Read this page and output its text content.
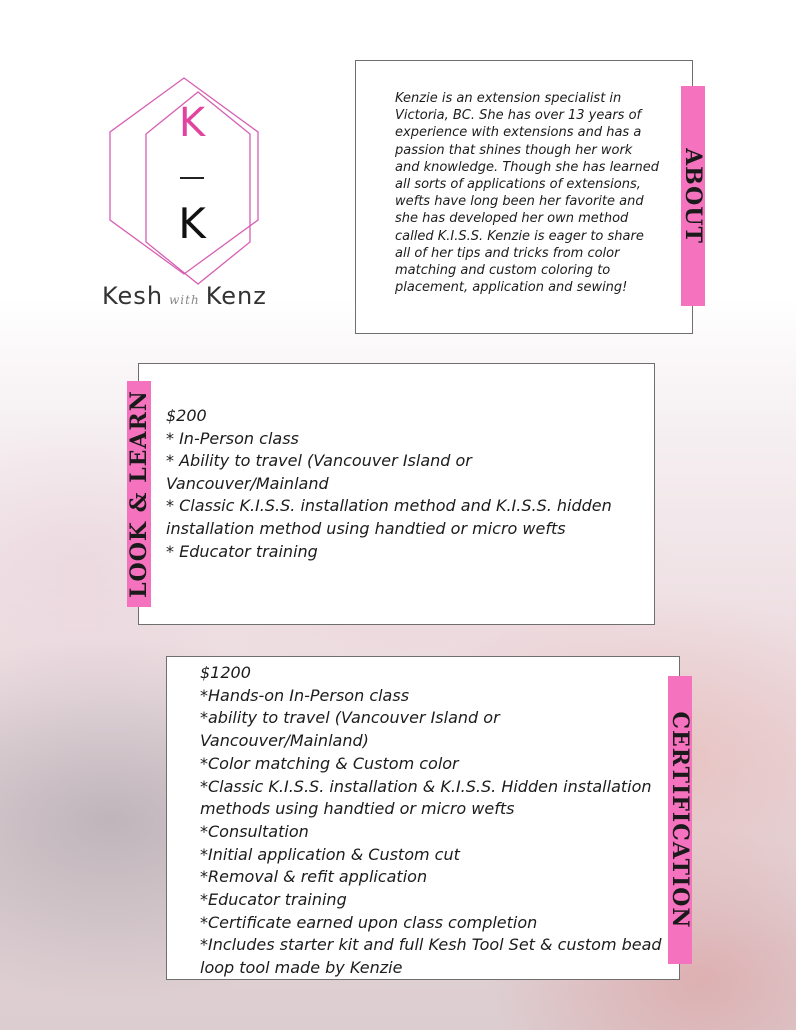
K
K
Kesh with Kenz
Kenzie is an extension specialist in
Victoria, BC. She has over 13 years of
experience with extensions and has a
passion that shines though her work
and knowledge. Though she has learned
all sorts of applications of extensions,
wefts have long been her favorite and
she has developed her own method
called K.I.S.S. Kenzie is eager to share
all of her tips and tricks from color
matching and custom coloring to
placement, application and sewing!
ABOUT
$200
* In-Person class
* Ability to travel (Vancouver Island or
Vancouver/Mainland
* Classic K.I.S.S. installation method and K.I.S.S. hidden
installation method using handtied or micro wefts
* Educator training
LOOK & LEARN
$1200
*Hands-on In-Person class
*ability to travel (Vancouver Island or
Vancouver/Mainland)
*Color matching & Custom color
*Classic K.I.S.S. installation & K.I.S.S. Hidden installation
methods using handtied or micro wefts
*Consultation
*Initial application & Custom cut
*Removal & refit application
*Educator training
*Certificate earned upon class completion
*Includes starter kit and full Kesh Tool Set & custom bead
loop tool made by Kenzie
CERTIFICATION
